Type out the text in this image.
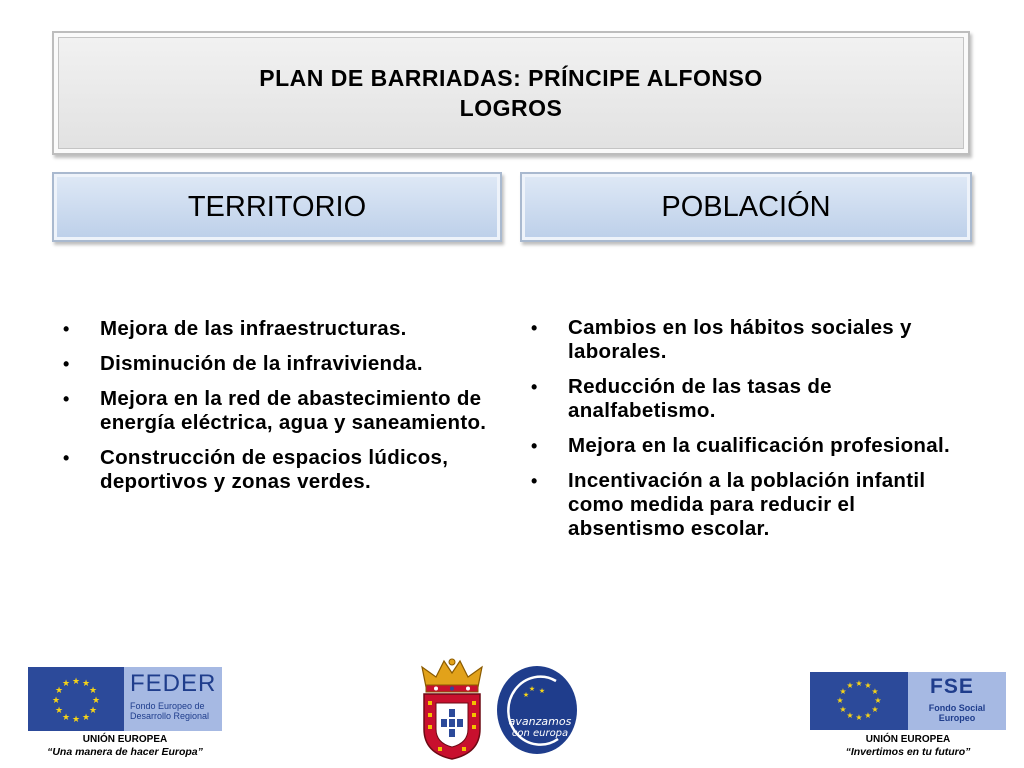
PLAN DE BARRIADAS: PRÍNCIPE ALFONSO
LOGROS
TERRITORIO	POBLACIÓN
• Mejora de las infraestructuras.
• Disminución de la infravivienda.
• Mejora en la red de abastecimiento de energía eléctrica, agua y saneamiento.
• Construcción de espacios lúdicos, deportivos y zonas verdes.
• Cambios en los hábitos sociales y laborales.
• Reducción de las tasas de analfabetismo.
• Mejora en la cualificación profesional.
• Incentivación a la población infantil como medida para reducir el absentismo escolar.
★ ★
★
★
★
★
★
★
★
★
★
★ FEDER
Fondo Europeo de
Desarrollo Regional
UNIÓN EUROPEA
“Una manera de hacer Europa”
★ ★
★
avanzamos
con europa
★ ★
★
★
★
★
★
★
★
★
★
★	FSE
Fondo Social
Europeo
UNIÓN EUROPEA
“Invertimos en tu futuro”
